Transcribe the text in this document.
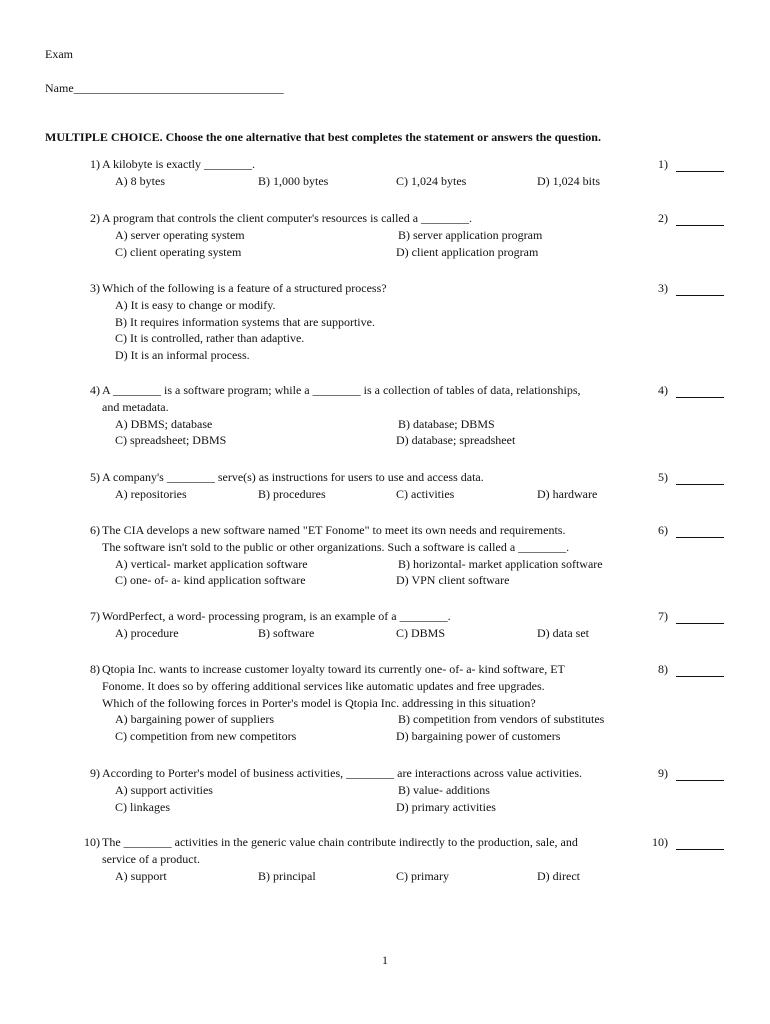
Exam
Name___________________________________
MULTIPLE CHOICE. Choose the one alternative that best completes the statement or answers the question.
1) A kilobyte is exactly ________.
A) 8 bytes	B) 1,000 bytes	C) 1,024 bytes	D) 1,024 bits
1)
2) A program that controls the client computer's resources is called a ________.
A) server operating system	B) server application program
C) client operating system	D) client application program
2)
3) Which of the following is a feature of a structured process?
A) It is easy to change or modify.
B) It requires information systems that are supportive.
C) It is controlled, rather than adaptive.
D) It is an informal process.
3)
4) A ________ is a software program; while a ________ is a collection of tables of data, relationships,
and metadata.
A) DBMS; database	B) database; DBMS
C) spreadsheet; DBMS	D) database; spreadsheet
4)
5) A company's ________ serve(s) as instructions for users to use and access data.
A) repositories	B) procedures	C) activities	D) hardware
5)
6) The CIA develops a new software named "ET Fonome" to meet its own needs and requirements.
The software isn't sold to the public or other organizations. Such a software is called a ________.
A) vertical- market application software	B) horizontal- market application software
C) one- of- a- kind application software	D) VPN client software
6)
7) WordPerfect, a word- processing program, is an example of a ________.
A) procedure	B) software	C) DBMS	D) data set
7)
8) Qtopia Inc. wants to increase customer loyalty toward its currently one- of- a- kind software, ET
Fonome. It does so by offering additional services like automatic updates and free upgrades.
Which of the following forces in Porter's model is Qtopia Inc. addressing in this situation?
A) bargaining power of suppliers	B) competition from vendors of substitutes
C) competition from new competitors	D) bargaining power of customers
8)
9) According to Porter's model of business activities, ________ are interactions across value activities.
A) support activities	B) value- additions
C) linkages	D) primary activities
9)
10) The ________ activities in the generic value chain contribute indirectly to the production, sale, and
service of a product.
A) support	B) principal	C) primary	D) direct
10)
1
